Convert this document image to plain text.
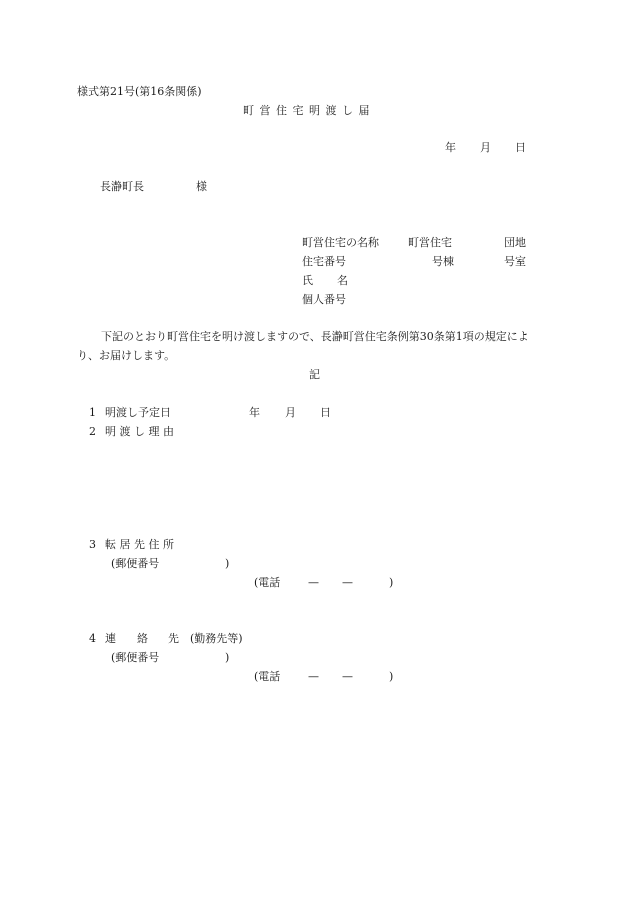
様式第21号(第16条関係)
町 営 住 宅 明 渡 し 届
年 月 日
長瀞町長	様
町営住宅の名称	町営住宅	団地
住宅番号	号棟	号室
氏 名
個人番号
下記のとおり町営住宅を明け渡しますので、長瀞町営住宅条例第30条第1項の規定によ
り、お届けします。
記
1 明渡し予定日	年 月 日
2 明 渡 し 理 由
3 転 居 先 住 所
(郵便番号	)
(電話	— —	)
4 連 絡 先 (勤務先等)
(郵便番号	)
(電話	— —	)
